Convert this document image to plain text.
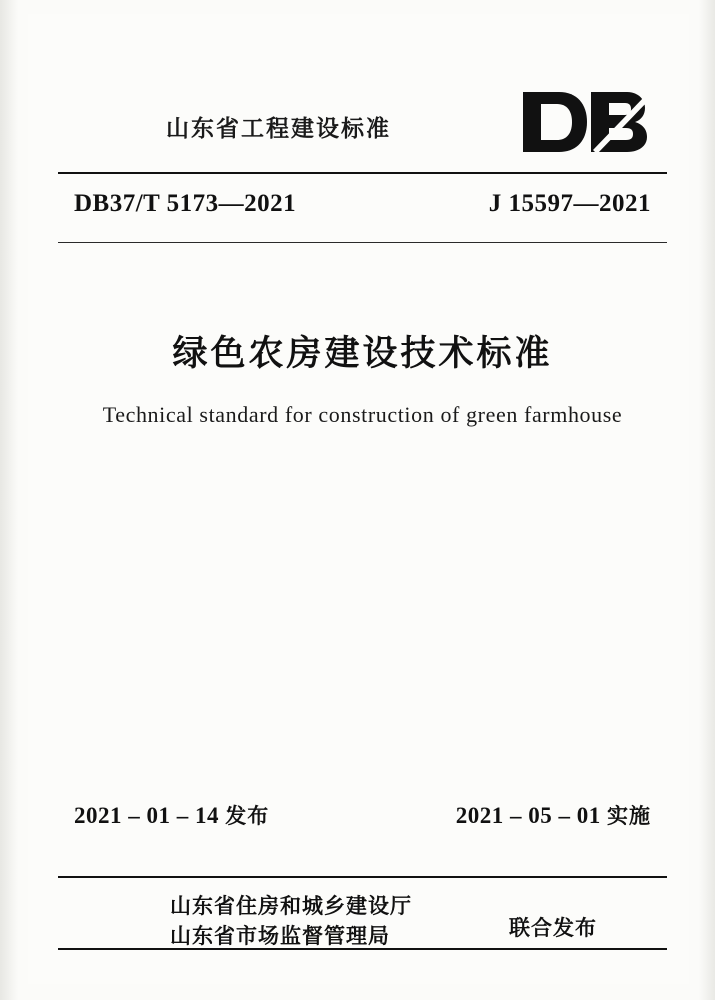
山东省工程建设标准
DB37/T 5173—2021	J 15597—2021
绿色农房建设技术标准
Technical standard for construction of green farmhouse
2021 – 01 – 14 发布	2021 – 05 – 01 实施
山东省住房和城乡建设厅
山东省市场监督管理局	联合发布
